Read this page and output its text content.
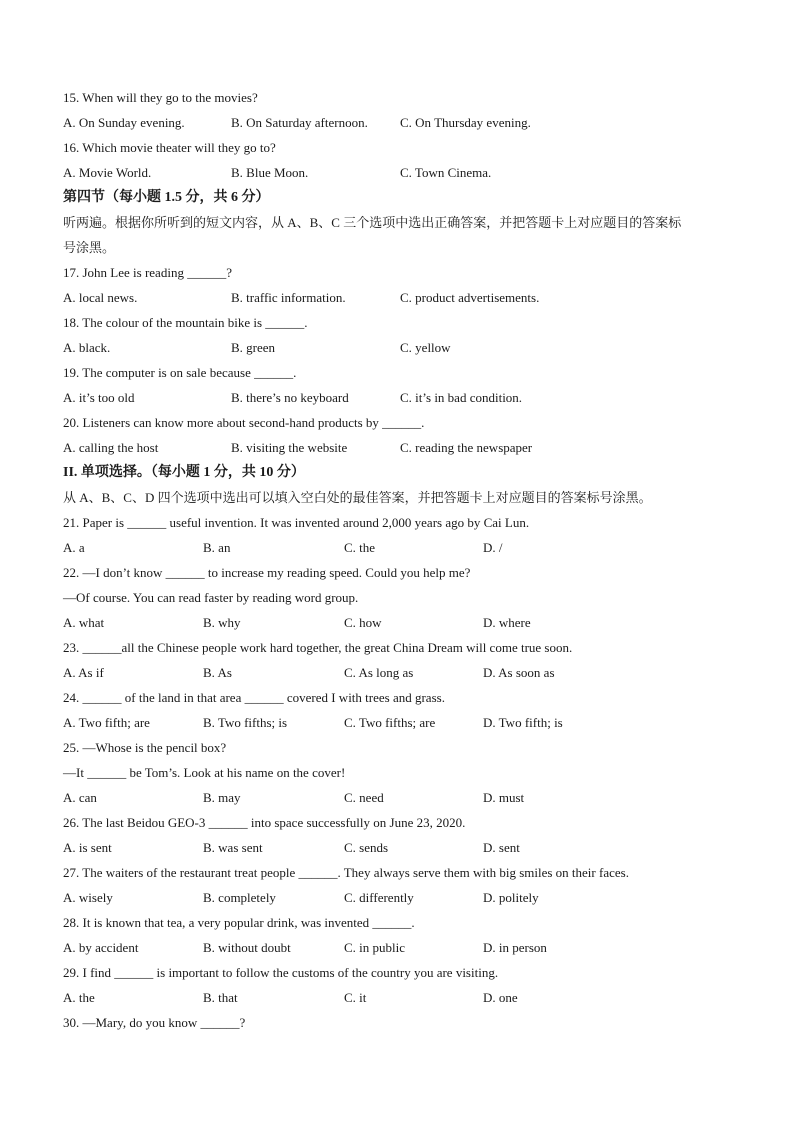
15. When will they go to the movies?
A. On Sunday evening.	B. On Saturday afternoon. C. On Thursday evening.
16. Which movie theater will they go to?
A. Movie World.	B. Blue Moon.	C. Town Cinema.
第四节（每小题 1.5 分，共 6 分）
听两遍。根据你所听到的短文内容，从 A、B、C 三个选项中选出正确答案，并把答题卡上对应题目的答案标
号涂黑。
17. John Lee is reading ______?
A. local news.	B. traffic information.	C. product advertisements.
18. The colour of the mountain bike is ______.
A. black.	B. green	C. yellow
19. The computer is on sale because ______.
A. it’s too old	B. there’s no keyboard	C. it’s in bad condition.
20. Listeners can know more about second-hand products by ______.
A. calling the host	B. visiting the website	C. reading the newspaper
II. 单项选择。（每小题 1 分，共 10 分）
从 A、B、C、D 四个选项中选出可以填入空白处的最佳答案，并把答题卡上对应题目的答案标号涂黑。
21. Paper is ______ useful invention. It was invented around 2,000 years ago by Cai Lun.
A. a	B. an	C. the	D. /
22. —I don’t know ______ to increase my reading speed. Could you help me?
—Of course. You can read faster by reading word group.
A. what	B. why	C. how	D. where
23. ______all the Chinese people work hard together, the great China Dream will come true soon.
A. As if	B. As	C. As long as	D. As soon as
24. ______ of the land in that area ______ covered I with trees and grass.
A. Two fifth; are	B. Two fifths; is	C. Two fifths; are	D. Two fifth; is
25. —Whose is the pencil box?
—It ______ be Tom’s. Look at his name on the cover!
A. can	B. may	C. need	D. must
26. The last Beidou GEO-3 ______ into space successfully on June 23, 2020.
A. is sent	B. was sent	C. sends	D. sent
27. The waiters of the restaurant treat people ______. They always serve them with big smiles on their faces.
A. wisely	B. completely	C. differently	D. politely
28. It is known that tea, a very popular drink, was invented ______.
A. by accident	B. without doubt	C. in public	D. in person
29. I find ______ is important to follow the customs of the country you are visiting.
A. the	B. that	C. it	D. one
30. —Mary, do you know ______?
